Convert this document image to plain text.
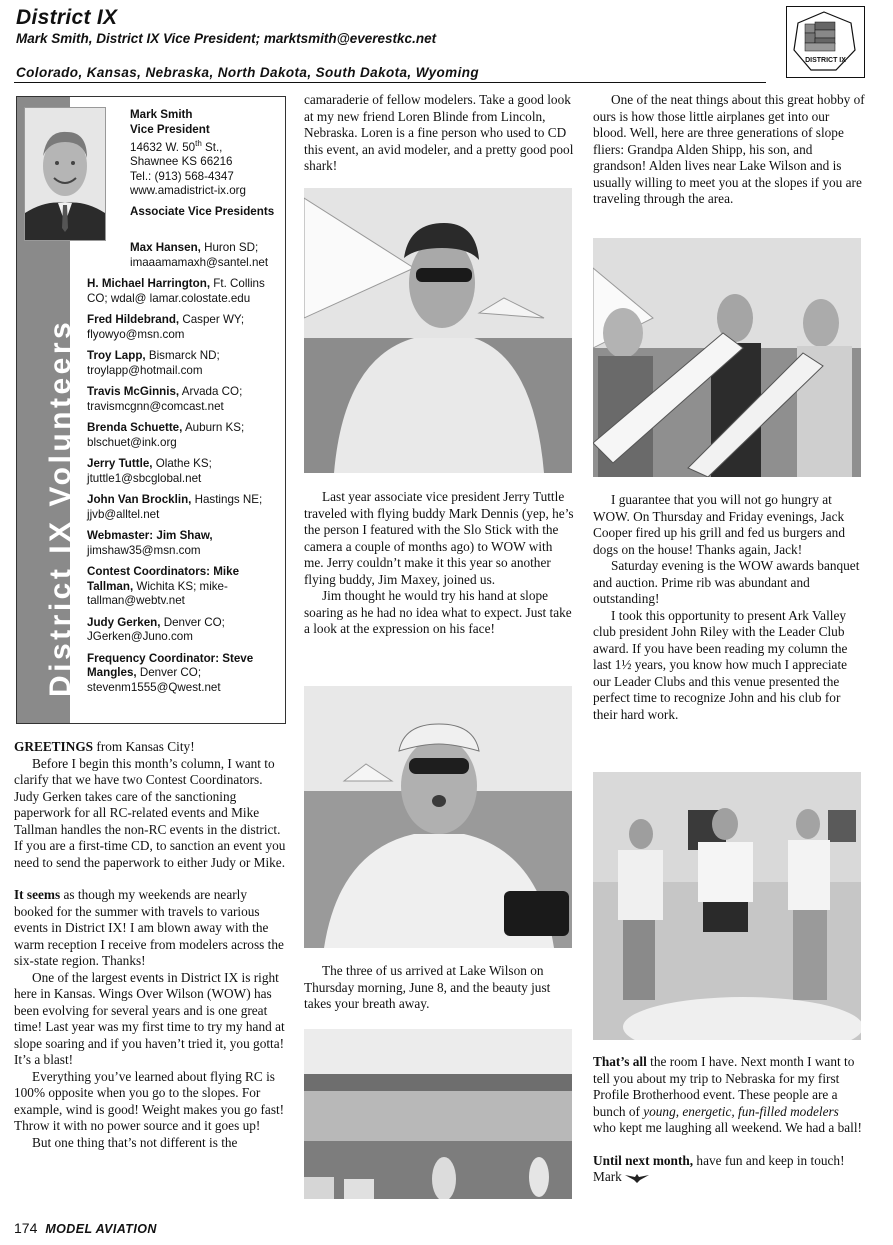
District IX
Mark Smith, District IX Vice President; marktsmith@everestkc.net
Colorado, Kansas, Nebraska, North Dakota, South Dakota, Wyoming
DISTRICT IX
District IX Volunteers
Mark Smith
Vice President
14632 W. 50th St.,
Shawnee KS 66216
Tel.: (913) 568-4347
www.amadistrict-ix.org
Associate Vice Presidents
Max Hansen, Huron SD; imaaamamaxh@santel.net
H. Michael Harrington, Ft. Collins CO; wdal@ lamar.colostate.edu
Fred Hildebrand, Casper WY; flyowyo@msn.com
Troy Lapp, Bismarck ND; troylapp@hotmail.com
Travis McGinnis, Arvada CO; travismcgnn@comcast.net
Brenda Schuette, Auburn KS; blschuet@ink.org
Jerry Tuttle, Olathe KS; jtuttle1@sbcglobal.net
John Van Brocklin, Hastings NE; jjvb@alltel.net
Webmaster: Jim Shaw, jimshaw35@msn.com
Contest Coordinators: Mike Tallman, Wichita KS; mike-tallman@webtv.net
Judy Gerken, Denver CO; JGerken@Juno.com
Frequency Coordinator: Steve Mangles, Denver CO; stevenm1555@Qwest.net

GREETINGS from Kansas City!

Before I begin this month’s column, I want to clarify that we have two Contest Coordinators. Judy Gerken takes care of the sanctioning paperwork for all RC-related events and Mike Tallman handles the non-RC events in the district. If you are a first-time CD, to sanction an event you need to send the paperwork to either Judy or Mike.

It seems as though my weekends are nearly booked for the summer with travels to various events in District IX! I am blown away with the warm reception I receive from modelers across the six-state region. Thanks!

One of the largest events in District IX is right here in Kansas. Wings Over Wilson (WOW) has been evolving for several years and is one great time! Last year was my first time to try my hand at slope soaring and if you haven’t tried it, you gotta! It’s a blast!

Everything you’ve learned about flying RC is 100% opposite when you go to the slopes. For example, wind is good! Weight makes you go fast! Throw it with no power source and it goes up!

But one thing that’s not different is the

camaraderie of fellow modelers. Take a good look at my new friend Loren Blinde from Lincoln, Nebraska. Loren is a fine person who used to CD this event, an avid modeler, and a pretty good pool shark!

Last year associate vice president Jerry Tuttle traveled with flying buddy Mark Dennis (yep, he’s the person I featured with the Slo Stick with the camera a couple of months ago) to WOW with me. Jerry couldn’t make it this year so another flying buddy, Jim Maxey, joined us.

Jim thought he would try his hand at slope soaring as he had no idea what to expect. Just take a look at the expression on his face!

The three of us arrived at Lake Wilson on Thursday morning, June 8, and the beauty just takes your breath away.

One of the neat things about this great hobby of ours is how those little airplanes get into our blood. Well, here are three generations of slope fliers: Grandpa Alden Shipp, his son, and grandson! Alden lives near Lake Wilson and is usually willing to meet you at the slopes if you are traveling through the area.

I guarantee that you will not go hungry at WOW. On Thursday and Friday evenings, Jack Cooper fired up his grill and fed us burgers and dogs on the house! Thanks again, Jack!

Saturday evening is the WOW awards banquet and auction. Prime rib was abundant and outstanding!

I took this opportunity to present Ark Valley club president John Riley with the Leader Club award. If you have been reading my column the last 1½ years, you know how much I appreciate our Leader Clubs and this venue presented the perfect time to recognize John and his club for their hard work.

That’s all the room I have. Next month I want to tell you about my trip to Nebraska for my first Profile Brotherhood event. These people are a bunch of young, energetic, fun-filled modelers who kept me laughing all weekend. We had a ball!

Until next month, have fun and keep in touch! Mark

174 MODEL AVIATION
